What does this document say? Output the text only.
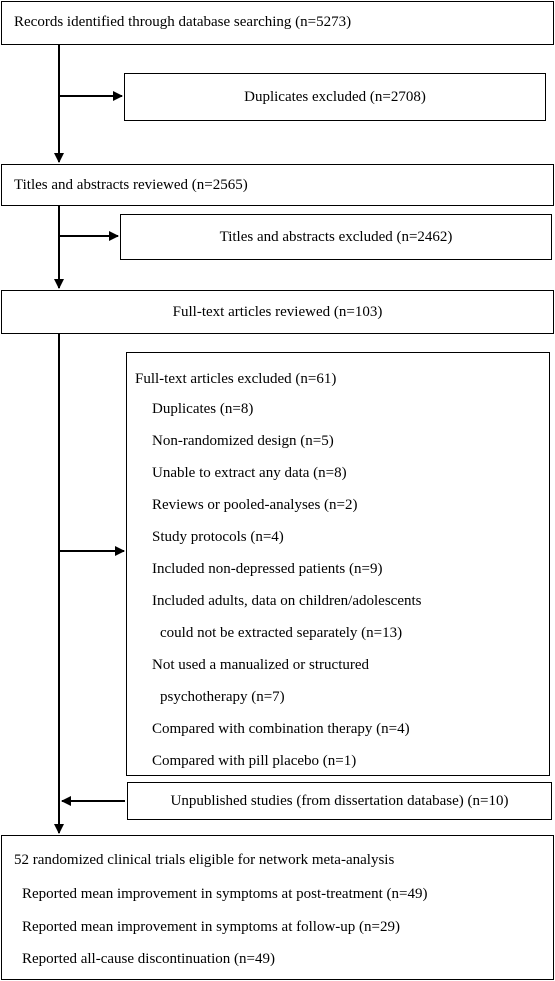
Records identified through database searching (n=5273)
Duplicates excluded (n=2708)
Titles and abstracts reviewed (n=2565)
Titles and abstracts excluded (n=2462)
Full-text articles reviewed (n=103)
Full-text articles excluded (n=61)
Duplicates (n=8)
Non-randomized design (n=5)
Unable to extract any data (n=8)
Reviews or pooled-analyses (n=2)
Study protocols (n=4)
Included non-depressed patients (n=9)
Included adults, data on children/adolescents
could not be extracted separately (n=13)
Not used a manualized or structured
psychotherapy (n=7)
Compared with combination therapy (n=4)
Compared with pill placebo (n=1)
Unpublished studies (from dissertation database) (n=10)
52 randomized clinical trials eligible for network meta-analysis
Reported mean improvement in symptoms at post-treatment (n=49)
Reported mean improvement in symptoms at follow-up (n=29)
Reported all-cause discontinuation (n=49)
